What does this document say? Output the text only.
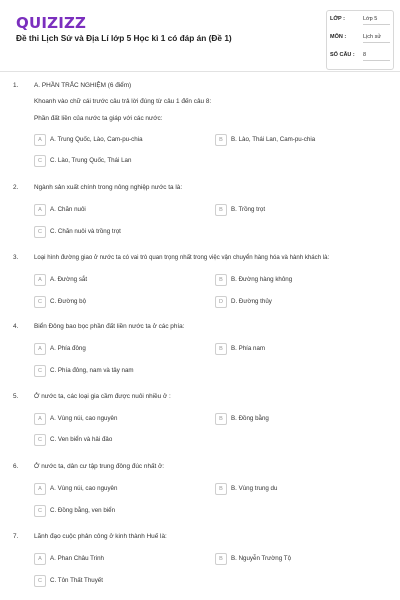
QUIZIZZ
Đề thi Lịch Sử và Địa Lí lớp 5 Học kì 1 có đáp án (Đề 1)
LỚP :	Lớp 5
MÔN :	Lịch sử
SỐ CÂU : 8
1. A. PHẦN TRẮC NGHIỆM (6 điểm)
Khoanh vào chữ cái trước câu trả lời đúng từ câu 1 đến câu 8:
Phần đất liền của nước ta giáp với các nước:
A	A. Trung Quốc, Lào, Cam-pu-chia	B	B. Lào, Thái Lan, Cam-pu-chia
C	C. Lào, Trung Quốc, Thái Lan
2. Ngành sản xuất chính trong nông nghiệp nước ta là:
A	A. Chăn nuôi	B	B. Trồng trọt
C	C. Chăn nuôi và trồng trọt
3.	Loại hình đường giao ở nước ta có vai trò quan trọng nhất trong việc vận chuyển hàng hóa và hành khách là:
A	A. Đường sắt	B	B. Đường hàng không
C	C. Đường bộ	D	D. Đường thủy
4. Biển Đông bao bọc phần đất liền nước ta ở các phía:
A	A. Phía đông	B	B. Phía nam
C	C. Phía đông, nam và tây nam
5. Ở nước ta, các loại gia cầm được nuôi nhiều ở :
A	A. Vùng núi, cao nguyên	B	B. Đồng bằng
C	C. Ven biển và hải đảo
6. Ở nước ta, dân cư tập trung đông đúc nhất ở:
A	A. Vùng núi, cao nguyên	B	B. Vùng trung du
C	C. Đồng bằng, ven biển
7. Lãnh đạo cuộc phản công ở kinh thành Huế là:
A	A. Phan Châu Trinh	B	B. Nguyễn Trường Tộ
C	C. Tôn Thất Thuyết
